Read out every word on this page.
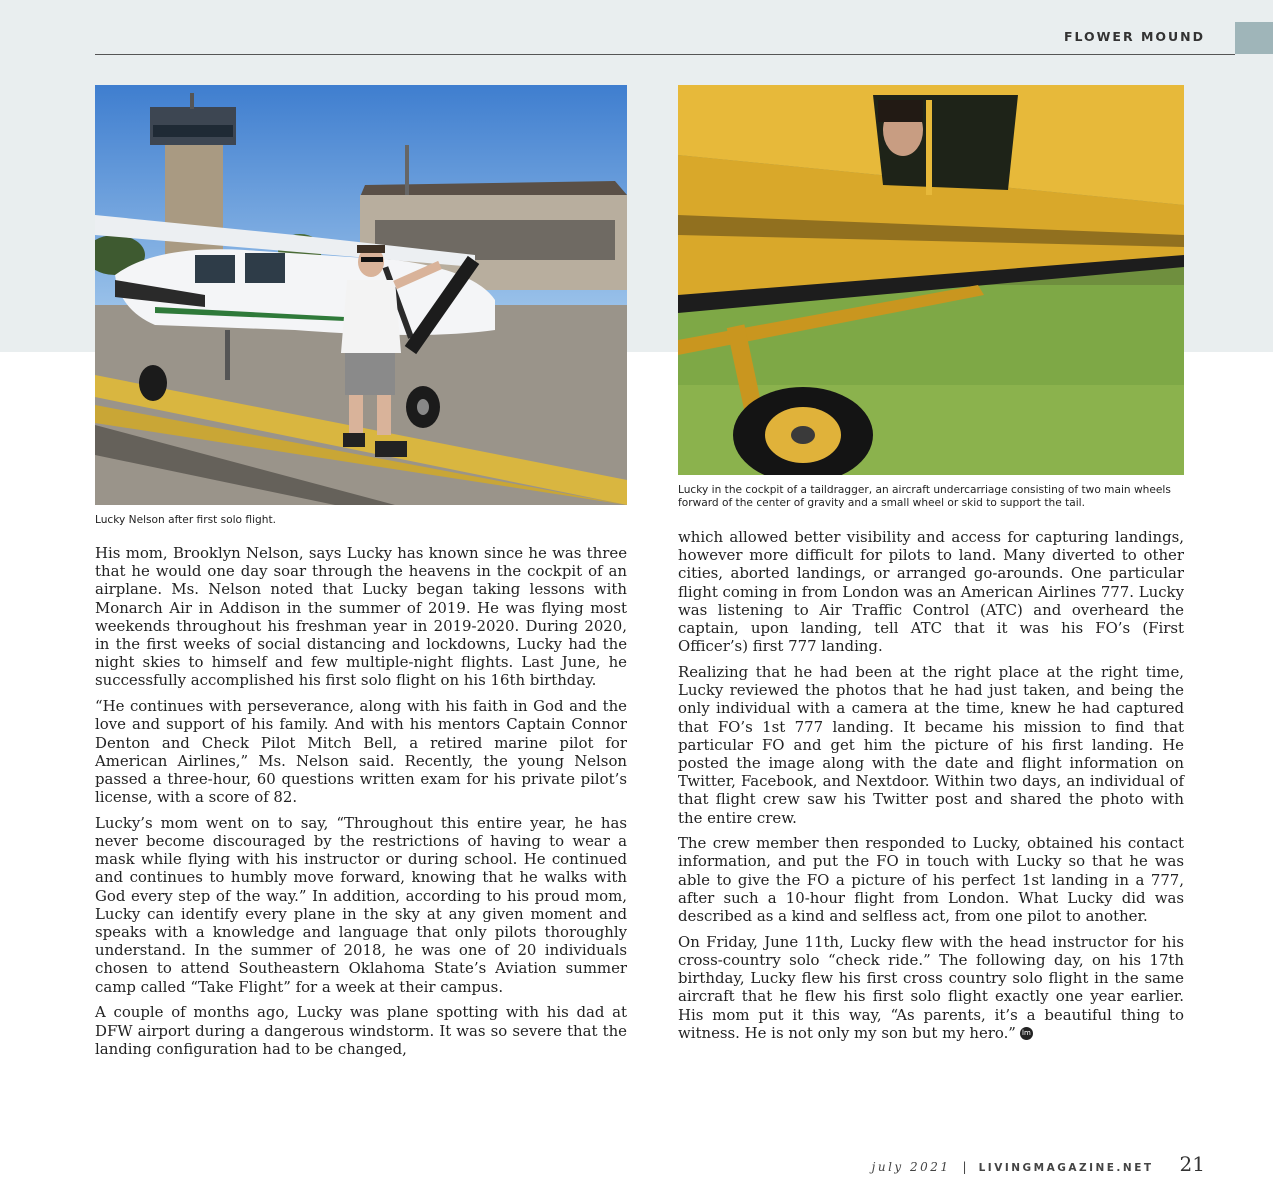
FLOWER MOUND
Lucky Nelson after first solo flight.
Lucky in the cockpit of a taildragger, an aircraft undercarriage consisting of two main wheels forward of the center of gravity and a small wheel or skid to support the tail.

His mom, Brooklyn Nelson, says Lucky has known since he was three that he would one day soar through the heavens in the cockpit of an airplane. Ms. Nelson noted that Lucky began taking lessons with Monarch Air in Addison in the summer of 2019. He was flying most weekends throughout his freshman year in 2019-2020. During 2020, in the first weeks of social distancing and lockdowns, Lucky had the night skies to himself and few multiple-night flights. Last June, he successfully accomplished his first solo flight on his 16th birthday.

“He continues with perseverance, along with his faith in God and the love and support of his family. And with his mentors Captain Connor Denton and Check Pilot Mitch Bell, a retired marine pilot for American Airlines,” Ms. Nelson said. Recently, the young Nelson passed a three-hour, 60 questions written exam for his private pilot’s license, with a score of 82.

Lucky’s mom went on to say, “Throughout this entire year, he has never become discouraged by the restrictions of having to wear a mask while flying with his instructor or during school. He continued and continues to humbly move forward, knowing that he walks with God every step of the way.” In addition, according to his proud mom, Lucky can identify every plane in the sky at any given moment and speaks with a knowledge and language that only pilots thoroughly understand. In the summer of 2018, he was one of 20 individuals chosen to attend Southeastern Oklahoma State’s Aviation summer camp called “Take Flight” for a week at their campus.

A couple of months ago, Lucky was plane spotting with his dad at DFW airport during a dangerous windstorm. It was so severe that the landing configuration had to be changed,

which allowed better visibility and access for capturing landings, however more difficult for pilots to land. Many diverted to other cities, aborted landings, or arranged go-arounds. One particular flight coming in from London was an American Airlines 777. Lucky was listening to Air Traffic Control (ATC) and overheard the captain, upon landing, tell ATC that it was his FO’s (First Officer’s) first 777 landing.

Realizing that he had been at the right place at the right time, Lucky reviewed the photos that he had just taken, and being the only individual with a camera at the time, knew he had captured that FO’s 1st 777 landing. It became his mission to find that particular FO and get him the picture of his first landing. He posted the image along with the date and flight information on Twitter, Facebook, and Nextdoor. Within two days, an individual of that flight crew saw his Twitter post and shared the photo with the entire crew.

The crew member then responded to Lucky, obtained his contact information, and put the FO in touch with Lucky so that he was able to give the FO a picture of his perfect 1st landing in a 777, after such a 10-hour flight from London. What Lucky did was described as a kind and selfless act, from one pilot to another.

On Friday, June 11th, Lucky flew with the head instructor for his cross-country solo “check ride.” The following day, on his 17th birthday, Lucky flew his first cross country solo flight in the same aircraft that he flew his first solo flight exactly one year earlier. His mom put it this way, “As parents, it’s a beautiful thing to witness. He is not only my son but my hero.” lm

july 2021 | LIVINGMAGAZINE.NET 21
